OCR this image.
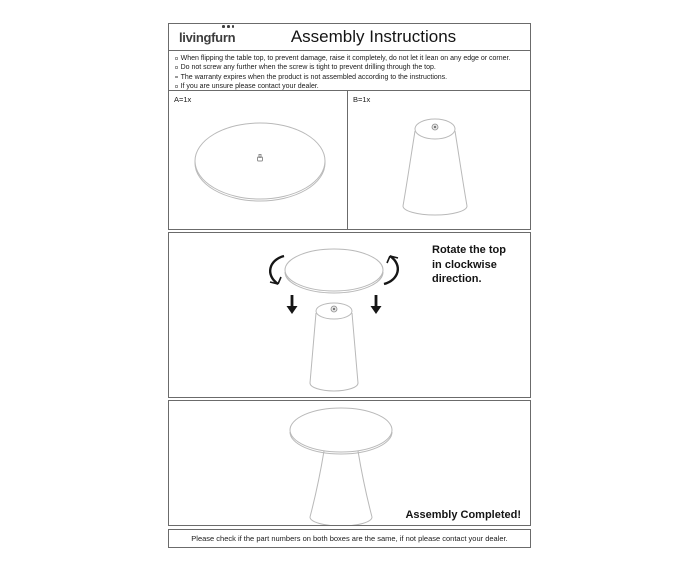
livingfurn	Assembly Instructions
When flipping the table top, to prevent damage, raise it completely, do not let it lean on any edge or corner.
Do not screw any further when the screw is tight to prevent drilling through the top.
The warranty expires when the product is not assembled according to the instructions.
If you are unsure please contact your dealer.
A=1x	B=1x
Rotate the top
in clockwise
direction.
Assembly Completed!
Please check if the part numbers on both boxes are the same, if not please contact your dealer.
